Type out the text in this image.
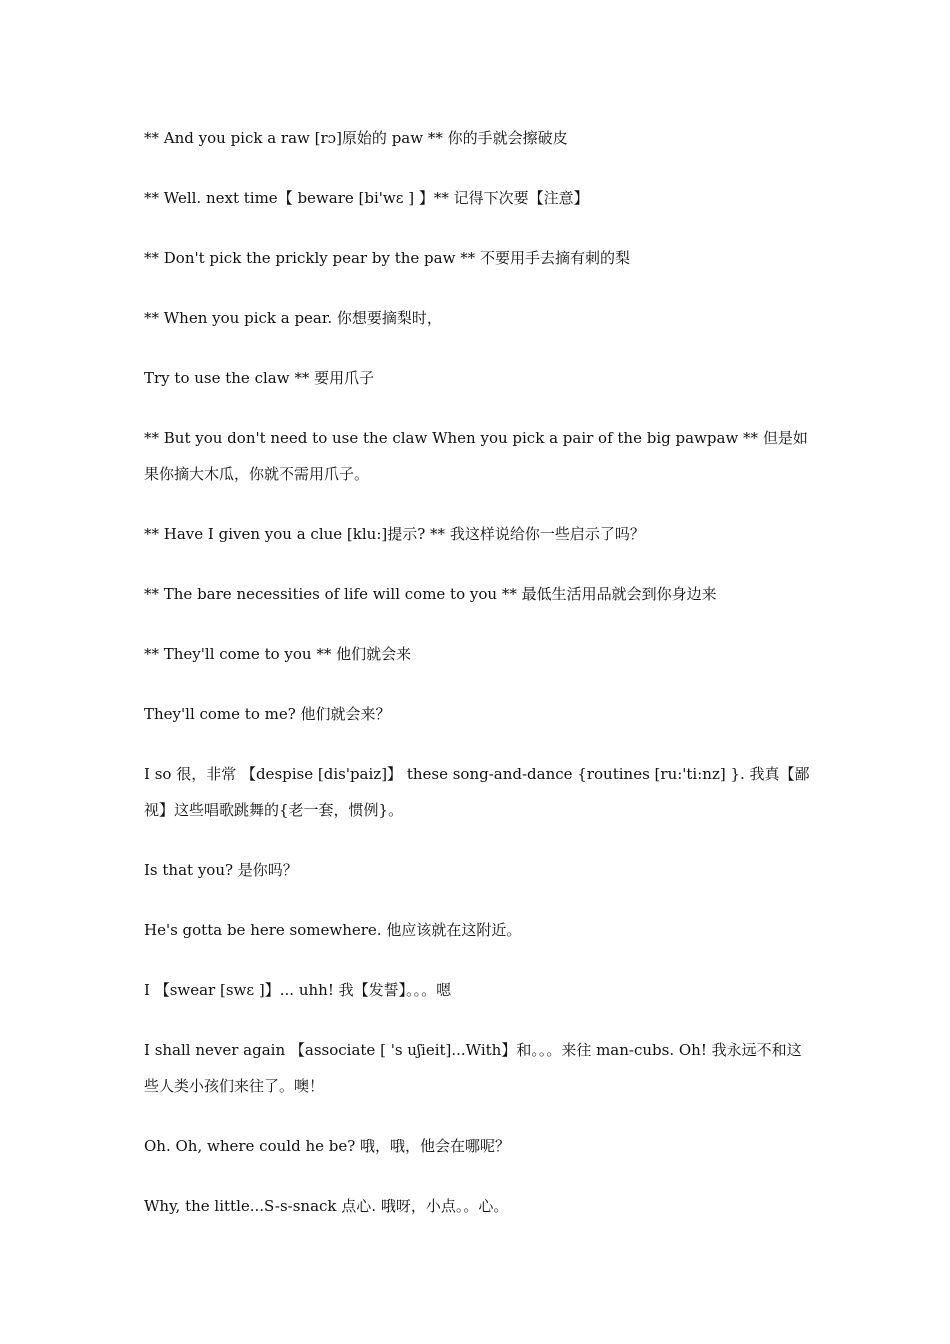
** And you pick a raw [rɔ]原始的 paw ** 你的手就会擦破皮

** Well. next time【 beware [bi'wɛ ] 】** 记得下次要【注意】

** Don't pick the prickly pear by the paw ** 不要用手去摘有刺的梨

** When you pick a pear. 你想要摘梨时，

Try to use the claw ** 要用爪子

** But you don't need to use the claw When you pick a pair of the big pawpaw ** 但是如果你摘大木瓜，你就不需用爪子。

** Have I given you a clue [klu:]提示? ** 我这样说给你一些启示了吗？

** The bare necessities of life will come to you ** 最低生活用品就会到你身边来

** They'll come to you ** 他们就会来

They'll come to me? 他们就会来？

I so 很，非常 【despise [dis'paiz]】 these song-and-dance {routines [ru:'ti:nz] }. 我真【鄙视】这些唱歌跳舞的{老一套，惯例}。

Is that you? 是你吗？

He's gotta be here somewhere. 他应该就在这附近。

I 【swear [swɛ ]】... uhh! 我【发誓】。。。嗯

I shall never again 【associate [ 's uʃieit]...With】和。。。来往 man-cubs. Oh! 我永远不和这些人类小孩们来往了。噢！

Oh. Oh, where could he be? 哦，哦，他会在哪呢？

Why, the little...S-s-snack 点心. 哦呀，小点。。心。
